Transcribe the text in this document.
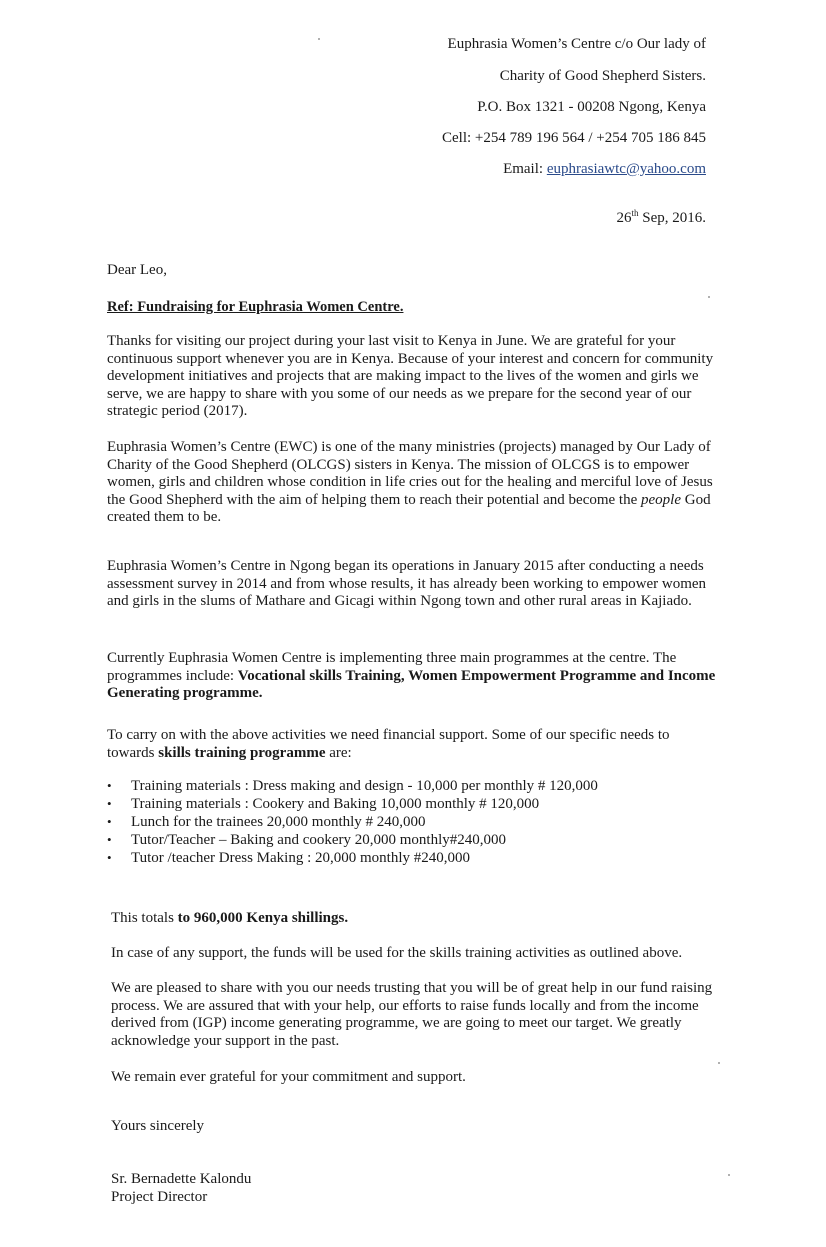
Euphrasia Women’s Centre c/o Our lady of
Charity of Good Shepherd Sisters.
P.O. Box 1321 - 00208 Ngong, Kenya
Cell: +254 789 196 564 / +254 705 186 845
Email: euphrasiawtc@yahoo.com
26th Sep, 2016.
Dear Leo,
Ref: Fundraising for Euphrasia Women Centre.
Thanks for visiting our project during your last visit to Kenya in June. We are grateful for your continuous support whenever you are in Kenya. Because of your interest and concern for community development initiatives and projects that are making impact to the lives of the women and girls we serve, we are happy to share with you some of our needs as we prepare for the second year of our strategic period (2017).
Euphrasia Women’s Centre (EWC) is one of the many ministries (projects) managed by Our Lady of Charity of the Good Shepherd (OLCGS) sisters in Kenya. The mission of OLCGS is to empower women, girls and children whose condition in life cries out for the healing and merciful love of Jesus the Good Shepherd with the aim of helping them to reach their potential and become the people God created them to be.
Euphrasia Women’s Centre in Ngong began its operations in January 2015 after conducting a needs assessment survey in 2014 and from whose results, it has already been working to empower women and girls in the slums of Mathare and Gicagi within Ngong town and other rural areas in Kajiado.
Currently Euphrasia Women Centre is implementing three main programmes at the centre. The programmes include: Vocational skills Training, Women Empowerment Programme and Income Generating programme.
To carry on with the above activities we need financial support. Some of our specific needs to towards skills training programme are:
• Training materials : Dress making and design - 10,000 per monthly # 120,000
• Training materials : Cookery and Baking 10,000 monthly # 120,000
• Lunch for the trainees 20,000 monthly # 240,000
• Tutor/Teacher – Baking and cookery 20,000 monthly#240,000
• Tutor /teacher Dress Making : 20,000 monthly #240,000
This totals to 960,000 Kenya shillings.
In case of any support, the funds will be used for the skills training activities as outlined above.
We are pleased to share with you our needs trusting that you will be of great help in our fund raising process. We are assured that with your help, our efforts to raise funds locally and from the income derived from (IGP) income generating programme, we are going to meet our target. We greatly acknowledge your support in the past.
We remain ever grateful for your commitment and support.
Yours sincerely
Sr. Bernadette Kalondu
Project Director
